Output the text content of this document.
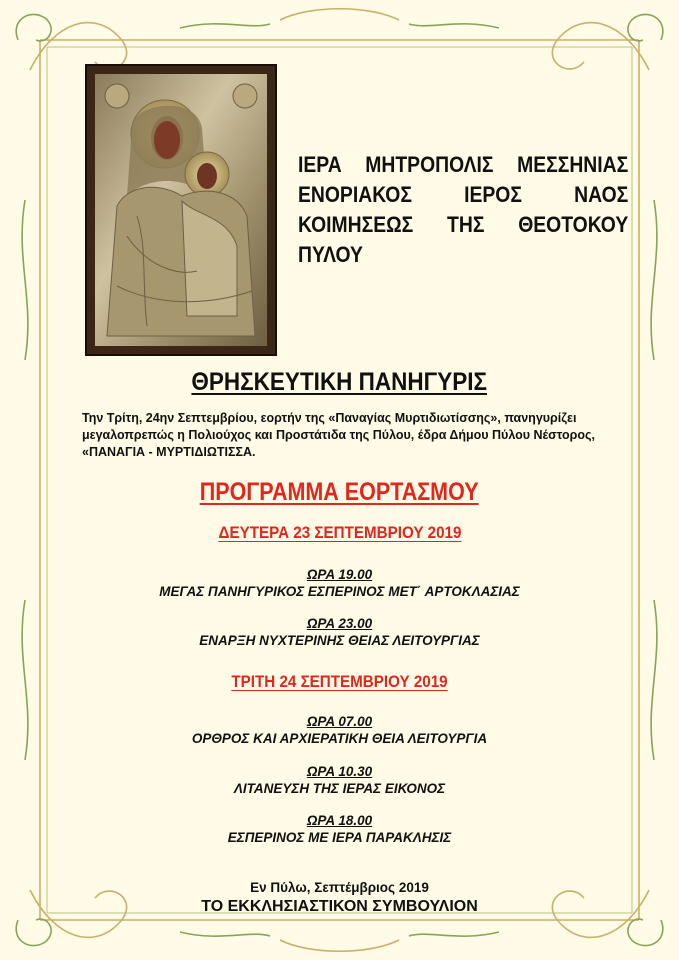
ΙΕΡΑ ΜΗΤΡΟΠΟΛΙΣ ΜΕΣΣΗΝΙΑΣ
ΕΝΟΡΙΑΚΟΣ ΙΕΡΟΣ ΝΑΟΣ
ΚΟΙΜΗΣΕΩΣ ΤΗΣ ΘΕΟΤΟΚΟΥ
ΠΥΛΟΥ
ΘΡΗΣΚΕΥΤΙΚΗ ΠΑΝΗΓΥΡΙΣ
Την Τρίτη, 24ην Σεπτεμβρίου, εορτήν της «Παναγίας Μυρτιδιωτίσσης», πανηγυρίζει
μεγαλοπρεπώς η Πολιούχος και Προστάτιδα της Πύλου, έδρα Δήμου Πύλου Νέστορος,
«ΠΑΝΑΓΙΑ - ΜΥΡΤΙΔΙΩΤΙΣΣΑ.
ΠΡΟΓΡΑΜΜΑ ΕΟΡΤΑΣΜΟΥ
ΔΕΥΤΕΡΑ 23 ΣΕΠΤΕΜΒΡΙΟΥ 2019
ΩΡΑ 19.00
ΜΕΓΑΣ ΠΑΝΗΓΥΡΙΚΟΣ ΕΣΠΕΡΙΝΟΣ ΜΕΤ΄ ΑΡΤΟΚΛΑΣΙΑΣ
ΩΡΑ 23.00
ΕΝΑΡΞΗ ΝΥΧΤΕΡΙΝΗΣ ΘΕΙΑΣ ΛΕΙΤΟΥΡΓΙΑΣ
ΤΡΙΤΗ 24 ΣΕΠΤΕΜΒΡΙΟΥ 2019
ΩΡΑ 07.00
ΟΡΘΡΟΣ ΚΑΙ ΑΡΧΙΕΡΑΤΙΚΗ ΘΕΙΑ ΛΕΙΤΟΥΡΓΙΑ
ΩΡΑ 10.30
ΛΙΤΑΝΕΥΣΗ ΤΗΣ ΙΕΡΑΣ ΕΙΚΟΝΟΣ
ΩΡΑ 18.00
ΕΣΠΕΡΙΝΟΣ ΜΕ ΙΕΡΑ ΠΑΡΑΚΛΗΣΙΣ
Εν Πύλω, Σεπτέμβριος 2019
ΤΟ ΕΚΚΛΗΣΙΑΣΤΙΚΟΝ ΣΥΜΒΟΥΛΙΟΝ
